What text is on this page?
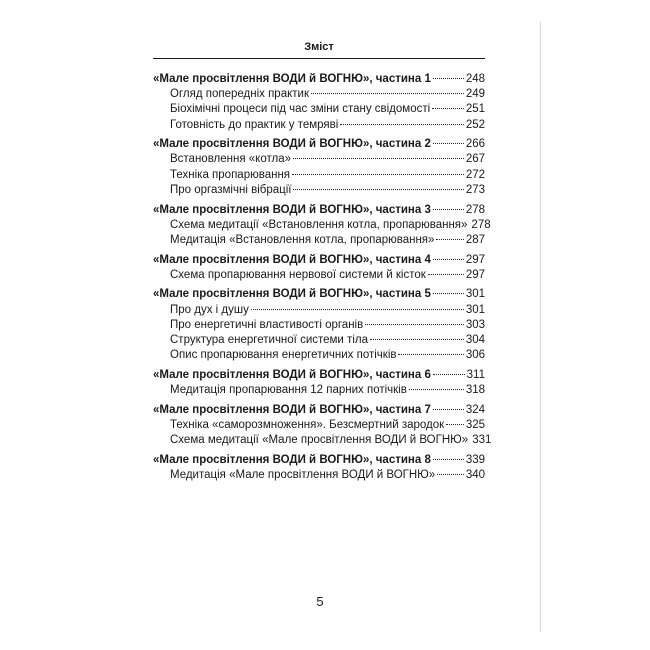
Зміст
«Мале просвітлення ВОДИ й ВОГНЮ», частина 1	248
Огляд попередніх практик	249
Біохімічні процеси під час зміни стану свідомості	251
Готовність до практик у темряві	252
«Мале просвітлення ВОДИ й ВОГНЮ», частина 2	266
Встановлення «котла»	267
Техніка пропарювання	272
Про оргазмічні вібрації	273
«Мале просвітлення ВОДИ й ВОГНЮ», частина 3	278
Схема медитації «Встановлення котла, пропарювання» 278
Медитація «Встановлення котла, пропарювання»	287
«Мале просвітлення ВОДИ й ВОГНЮ», частина 4	297
Схема пропарювання нервової системи й кісток	297
«Мале просвітлення ВОДИ й ВОГНЮ», частина 5	301
Про дух і душу	301
Про енергетичні властивості органів	303
Структура енергетичної системи тіла	304
Опис пропарювання енергетичних потічків	306
«Мале просвітлення ВОДИ й ВОГНЮ», частина 6	311
Медитація пропарювання 12 парних потічків	318
«Мале просвітлення ВОДИ й ВОГНЮ», частина 7	324
Техніка «саморозмноження». Безсмертний зародок 325
Схема медитації «Мале просвітлення ВОДИ й ВОГНЮ» 331
«Мале просвітлення ВОДИ й ВОГНЮ», частина 8	339
Медитація «Мале просвітлення ВОДИ й ВОГНЮ»	340
5
